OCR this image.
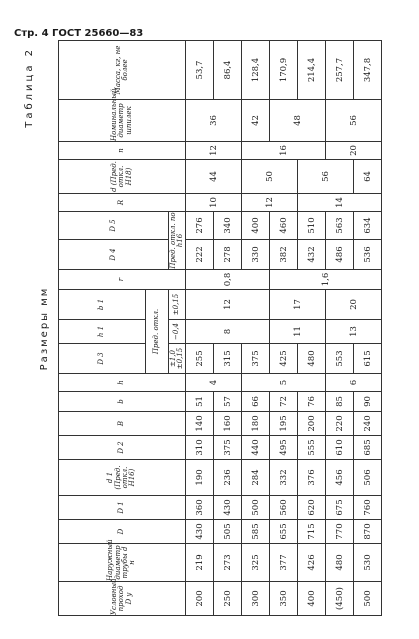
Стр. 4 ГОСТ 25660—83
Таблица 2
Размеры мм
Условный проход D y	Наружный диаметр трубы d н	D	D 1	d 1 (Пред. откл. H16)	D 2	B	b	h	D 3	h 1	b 1	r	D 4	D 5	R	d (Пред. откл. H18)	n	Номинальный диаметр шпилек	Масса, кг, не более
									Пред. откл.										
									±1,0 ±0,15	−0,4	±0,15		Пред. откл. по h16						
200	219	430	360	190	310	140	51	4	255	8	12	0,8	222	276	10	44	12	36	53,7
250	273	505	430	236	375	160	57		315				278	340					86,4
300	325	585	500	284	440	180	66	5	375				330	400	12	50	16	42	128,4
350	377	655	560	332	495	195	72		425	11	17	1,6	382	460				48	170,9
400	426	715	620	376	555	200	76		480				432	510	14	56			214,4
(450)	480	770	675	456	610	220	85	6	553	13	20		486	563			20	56	257,7
500	530	870	760	506	685	240	90		615				536	634		64			347,8
